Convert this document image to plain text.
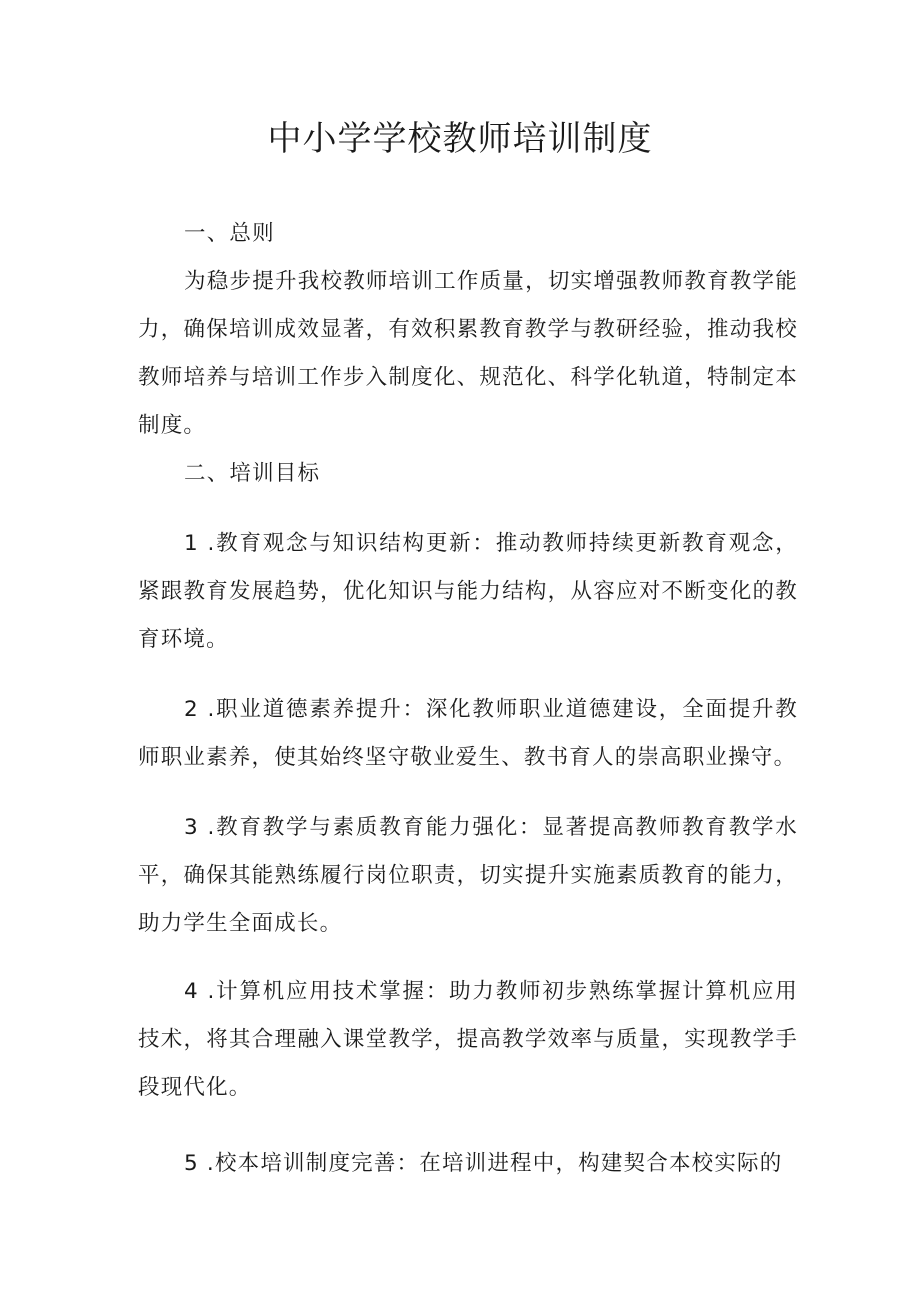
中小学学校教师培训制度

一、总则

为稳步提升我校教师培训工作质量，切实增强教师教育教学能力，确保培训成效显著，有效积累教育教学与教研经验，推动我校教师培养与培训工作步入制度化、规范化、科学化轨道，特制定本制度。

二、培训目标

1 .教育观念与知识结构更新：推动教师持续更新教育观念，紧跟教育发展趋势，优化知识与能力结构，从容应对不断变化的教育环境。

2 .职业道德素养提升：深化教师职业道德建设，全面提升教师职业素养，使其始终坚守敬业爱生、教书育人的崇高职业操守。

3 .教育教学与素质教育能力强化：显著提高教师教育教学水平，确保其能熟练履行岗位职责，切实提升实施素质教育的能力，助力学生全面成长。

4 .计算机应用技术掌握：助力教师初步熟练掌握计算机应用技术，将其合理融入课堂教学，提高教学效率与质量，实现教学手段现代化。

5 .校本培训制度完善：在培训进程中，构建契合本校实际的
